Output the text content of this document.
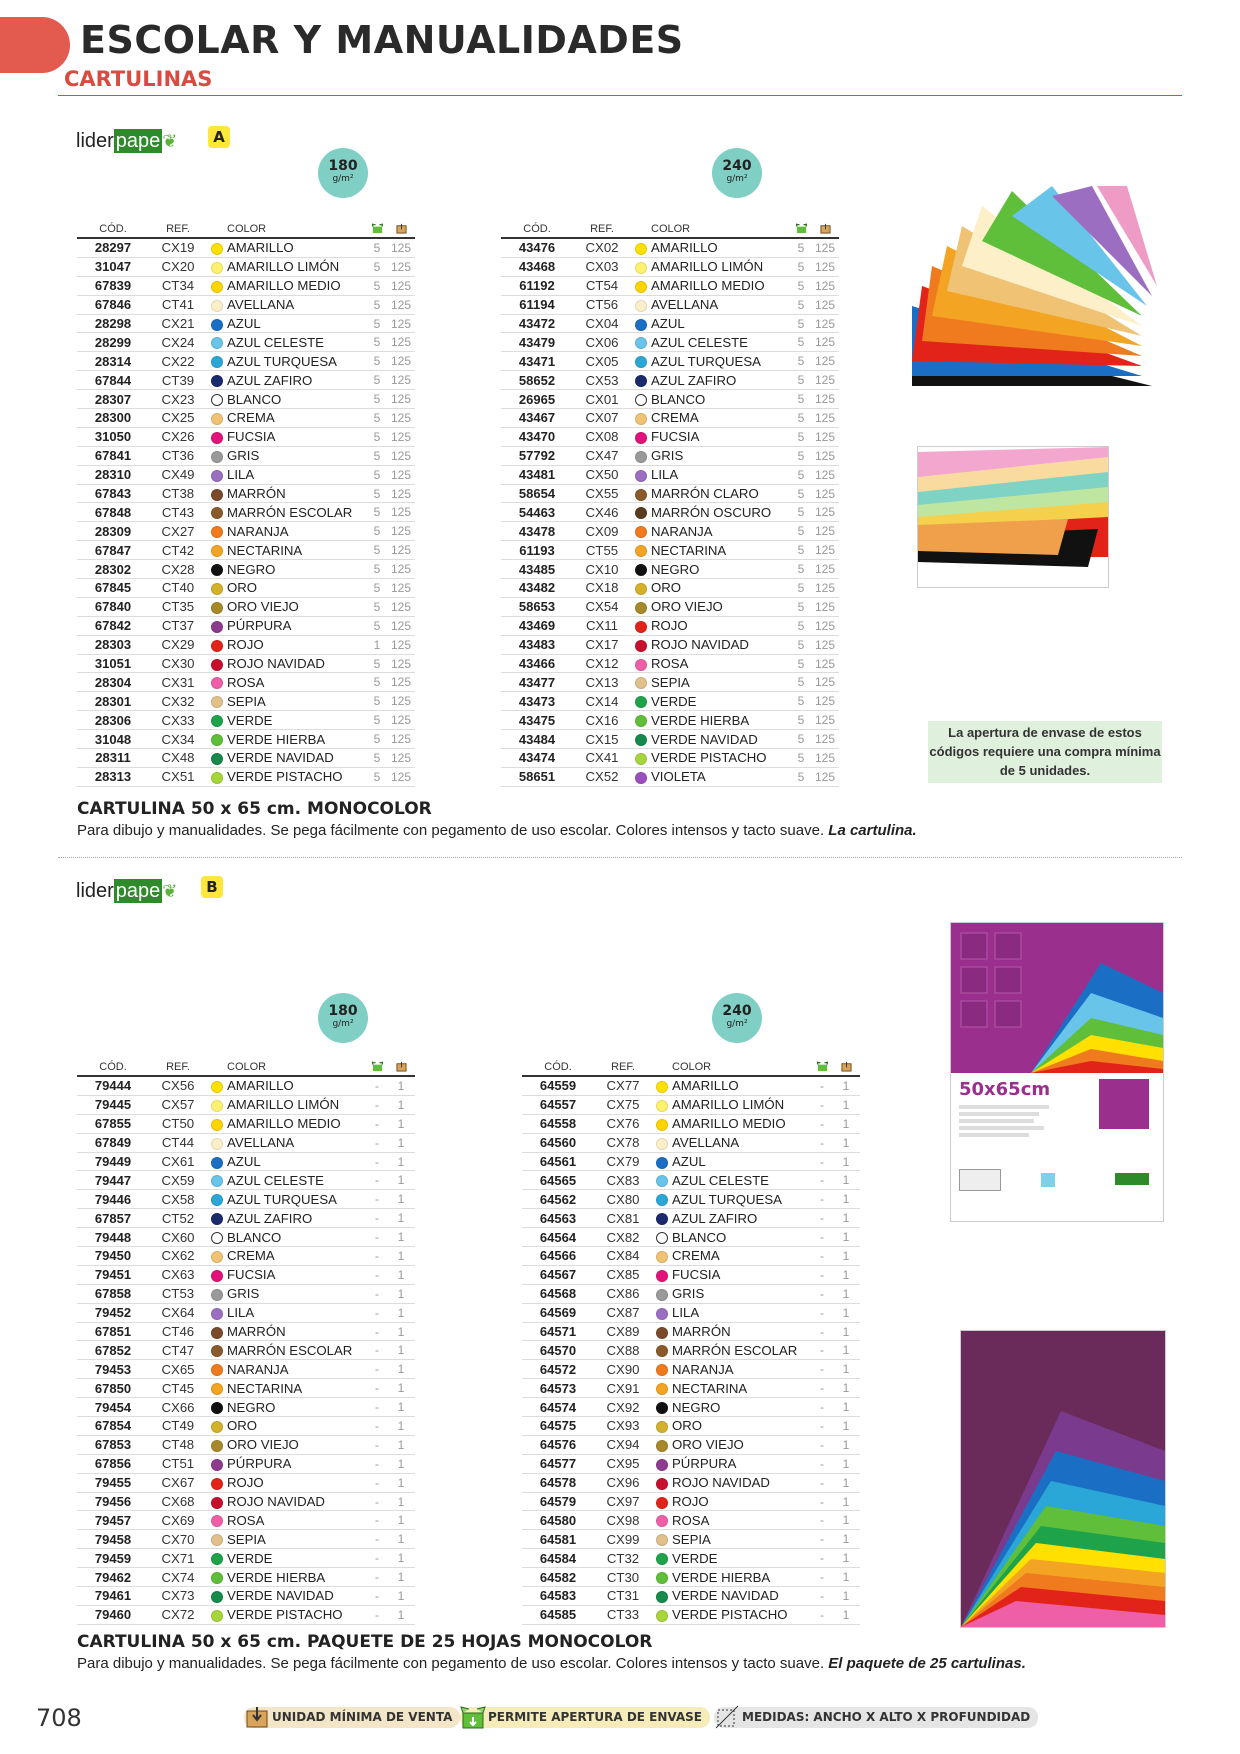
ESCOLAR Y MANUALIDADES
CARTULINAS
lider pape ❦	A
180
g/m²
240
g/m²
CÓD.	REF.		COLOR		
28297	CX19		AMARILLO	5	125
31047	CX20		AMARILLO LIMÓN	5	125
67839	CT34		AMARILLO MEDIO	5	125
67846	CT41		AVELLANA	5	125
28298	CX21		AZUL	5	125
28299	CX24		AZUL CELESTE	5	125
28314	CX22		AZUL TURQUESA	5	125
67844	CT39		AZUL ZAFIRO	5	125
28307	CX23		BLANCO	5	125
28300	CX25		CREMA	5	125
31050	CX26		FUCSIA	5	125
67841	CT36		GRIS	5	125
28310	CX49		LILA	5	125
67843	CT38		MARRÓN	5	125
67848	CT43		MARRÓN ESCOLAR	5	125
28309	CX27		NARANJA	5	125
67847	CT42		NECTARINA	5	125
28302	CX28		NEGRO	5	125
67845	CT40		ORO	5	125
67840	CT35		ORO VIEJO	5	125
67842	CT37		PÚRPURA	5	125
28303	CX29		ROJO	1	125
31051	CX30		ROJO NAVIDAD	5	125
28304	CX31		ROSA	5	125
28301	CX32		SEPIA	5	125
28306	CX33		VERDE	5	125
31048	CX34		VERDE HIERBA	5	125
28311	CX48		VERDE NAVIDAD	5	125
28313	CX51		VERDE PISTACHO	5	125
CÓD.	REF.		COLOR		
43476	CX02		AMARILLO	5	125
43468	CX03		AMARILLO LIMÓN	5	125
61192	CT54		AMARILLO MEDIO	5	125
61194	CT56		AVELLANA	5	125
43472	CX04		AZUL	5	125
43479	CX06		AZUL CELESTE	5	125
43471	CX05		AZUL TURQUESA	5	125
58652	CX53		AZUL ZAFIRO	5	125
26965	CX01		BLANCO	5	125
43467	CX07		CREMA	5	125
43470	CX08		FUCSIA	5	125
57792	CX47		GRIS	5	125
43481	CX50		LILA	5	125
58654	CX55		MARRÓN CLARO	5	125
54463	CX46		MARRÓN OSCURO	5	125
43478	CX09		NARANJA	5	125
61193	CT55		NECTARINA	5	125
43485	CX10		NEGRO	5	125
43482	CX18		ORO	5	125
58653	CX54		ORO VIEJO	5	125
43469	CX11		ROJO	5	125
43483	CX17		ROJO NAVIDAD	5	125
43466	CX12		ROSA	5	125
43477	CX13		SEPIA	5	125
43473	CX14		VERDE	5	125
43475	CX16		VERDE HIERBA	5	125
43484	CX15		VERDE NAVIDAD	5	125
43474	CX41		VERDE PISTACHO	5	125
58651	CX52		VIOLETA	5	125
La apertura de envase de estos códigos requiere una compra mínima de 5 unidades.
CARTULINA 50 x 65 cm. MONOCOLOR
Para dibujo y manualidades. Se pega fácilmente con pegamento de uso escolar. Colores intensos y tacto suave. La cartulina.
lider pape ❦	B
180
g/m²
240
g/m²
CÓD.	REF.		COLOR		
79444	CX56		AMARILLO	-	1
79445	CX57		AMARILLO LIMÓN	-	1
67855	CT50		AMARILLO MEDIO	-	1
67849	CT44		AVELLANA	-	1
79449	CX61		AZUL	-	1
79447	CX59		AZUL CELESTE	-	1
79446	CX58		AZUL TURQUESA	-	1
67857	CT52		AZUL ZAFIRO	-	1
79448	CX60		BLANCO	-	1
79450	CX62		CREMA	-	1
79451	CX63		FUCSIA	-	1
67858	CT53		GRIS	-	1
79452	CX64		LILA	-	1
67851	CT46		MARRÓN	-	1
67852	CT47		MARRÓN ESCOLAR	-	1
79453	CX65		NARANJA	-	1
67850	CT45		NECTARINA	-	1
79454	CX66		NEGRO	-	1
67854	CT49		ORO	-	1
67853	CT48		ORO VIEJO	-	1
67856	CT51		PÚRPURA	-	1
79455	CX67		ROJO	-	1
79456	CX68		ROJO NAVIDAD	-	1
79457	CX69		ROSA	-	1
79458	CX70		SEPIA	-	1
79459	CX71		VERDE	-	1
79462	CX74		VERDE HIERBA	-	1
79461	CX73		VERDE NAVIDAD	-	1
79460	CX72		VERDE PISTACHO	-	1
CÓD.	REF.		COLOR		
64559	CX77		AMARILLO	-	1
64557	CX75		AMARILLO LIMÓN	-	1
64558	CX76		AMARILLO MEDIO	-	1
64560	CX78		AVELLANA	-	1
64561	CX79		AZUL	-	1
64565	CX83		AZUL CELESTE	-	1
64562	CX80		AZUL TURQUESA	-	1
64563	CX81		AZUL ZAFIRO	-	1
64564	CX82		BLANCO	-	1
64566	CX84		CREMA	-	1
64567	CX85		FUCSIA	-	1
64568	CX86		GRIS	-	1
64569	CX87		LILA	-	1
64571	CX89		MARRÓN	-	1
64570	CX88		MARRÓN ESCOLAR	-	1
64572	CX90		NARANJA	-	1
64573	CX91		NECTARINA	-	1
64574	CX92		NEGRO	-	1
64575	CX93		ORO	-	1
64576	CX94		ORO VIEJO	-	1
64577	CX95		PÚRPURA	-	1
64578	CX96		ROJO NAVIDAD	-	1
64579	CX97		ROJO	-	1
64580	CX98		ROSA	-	1
64581	CX99		SEPIA	-	1
64584	CT32		VERDE	-	1
64582	CT30		VERDE HIERBA	-	1
64583	CT31		VERDE NAVIDAD	-	1
64585	CT33		VERDE PISTACHO	-	1
50x65cm
CARTULINA 50 x 65 cm. PAQUETE DE 25 HOJAS MONOCOLOR
Para dibujo y manualidades. Se pega fácilmente con pegamento de uso escolar. Colores intensos y tacto suave. El paquete de 25 cartulinas.
708	UNIDAD MÍNIMA DE VENTA	PERMITE APERTURA DE ENVASE	MEDIDAS: ANCHO X ALTO X PROFUNDIDAD
